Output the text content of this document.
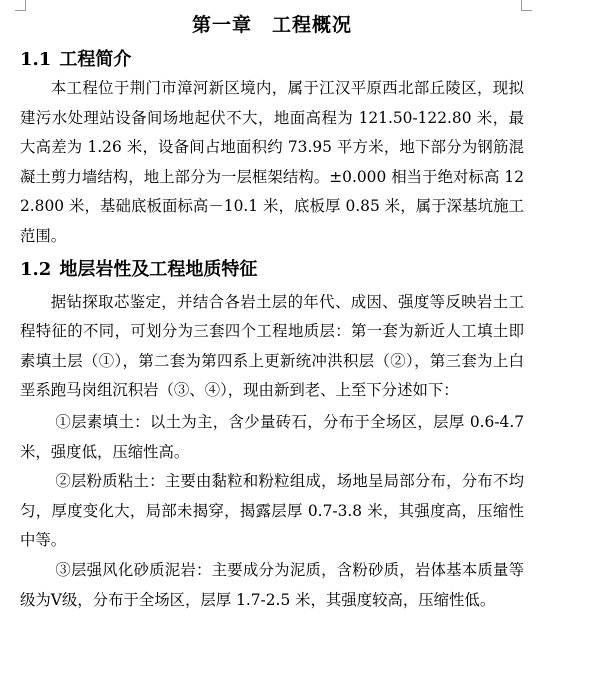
第一章　工程概况
1.1 工程简介

本工程位于荆门市漳河新区境内，属于江汉平原西北部丘陵区，现拟建污水处理站设备间场地起伏不大，地面高程为 121.50-122.80 米，最大高差为 1.26 米，设备间占地面积约 73.95 平方米，地下部分为钢筋混凝土剪力墙结构，地上部分为一层框架结构。±0.000 相当于绝对标高 122.800 米，基础底板面标高－10.1 米，底板厚 0.85 米，属于深基坑施工范围。

1.2 地层岩性及工程地质特征

据钻探取芯鉴定，并结合各岩土层的年代、成因、强度等反映岩土工程特征的不同，可划分为三套四个工程地质层：第一套为新近人工填土即素填土层（①），第二套为第四系上更新统冲洪积层（②），第三套为上白垩系跑马岗组沉积岩（③、④），现由新到老、上至下分述如下：

①层素填土：以土为主，含少量砖石，分布于全场区，层厚 0.6-4.7 米，强度低，压缩性高。

②层粉质粘土：主要由黏粒和粉粒组成，场地呈局部分布，分布不均匀，厚度变化大，局部未揭穿，揭露层厚 0.7-3.8 米，其强度高，压缩性中等。

③层强风化砂质泥岩：主要成分为泥质，含粉砂质，岩体基本质量等级为Ⅴ级，分布于全场区，层厚 1.7-2.5 米，其强度较高，压缩性低。
